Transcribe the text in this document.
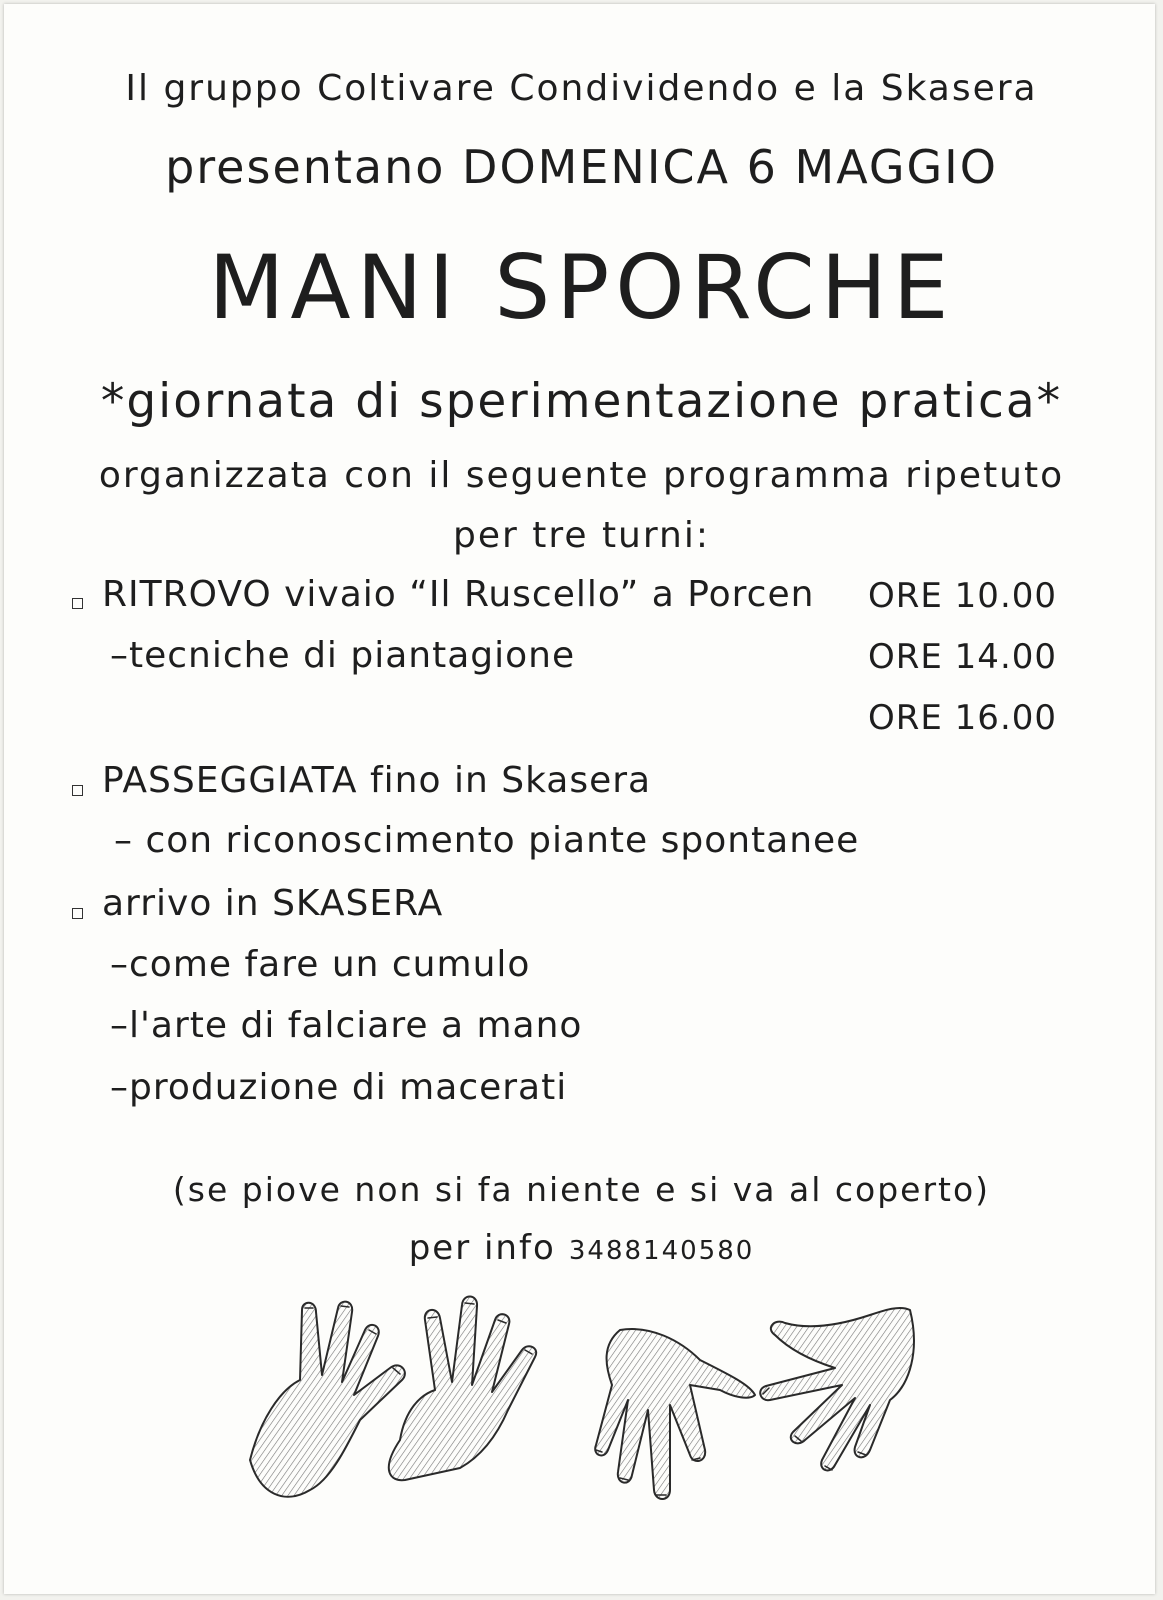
Il gruppo Coltivare Condividendo e la Skasera
presentano DOMENICA 6 MAGGIO
MANI SPORCHE
*giornata di sperimentazione pratica*
organizzata con il seguente programma ripetuto
per tre turni:
RITROVO vivaio “Il Ruscello” a Porcen
–tecniche di piantagione
ORE 10.00
ORE 14.00
ORE 16.00
PASSEGGIATA fino in Skasera
– con riconoscimento piante spontanee
arrivo in SKASERA
–come fare un cumulo
–l'arte di falciare a mano
–produzione di macerati
(se piove non si fa niente e si va al coperto)
per info 3488140580
